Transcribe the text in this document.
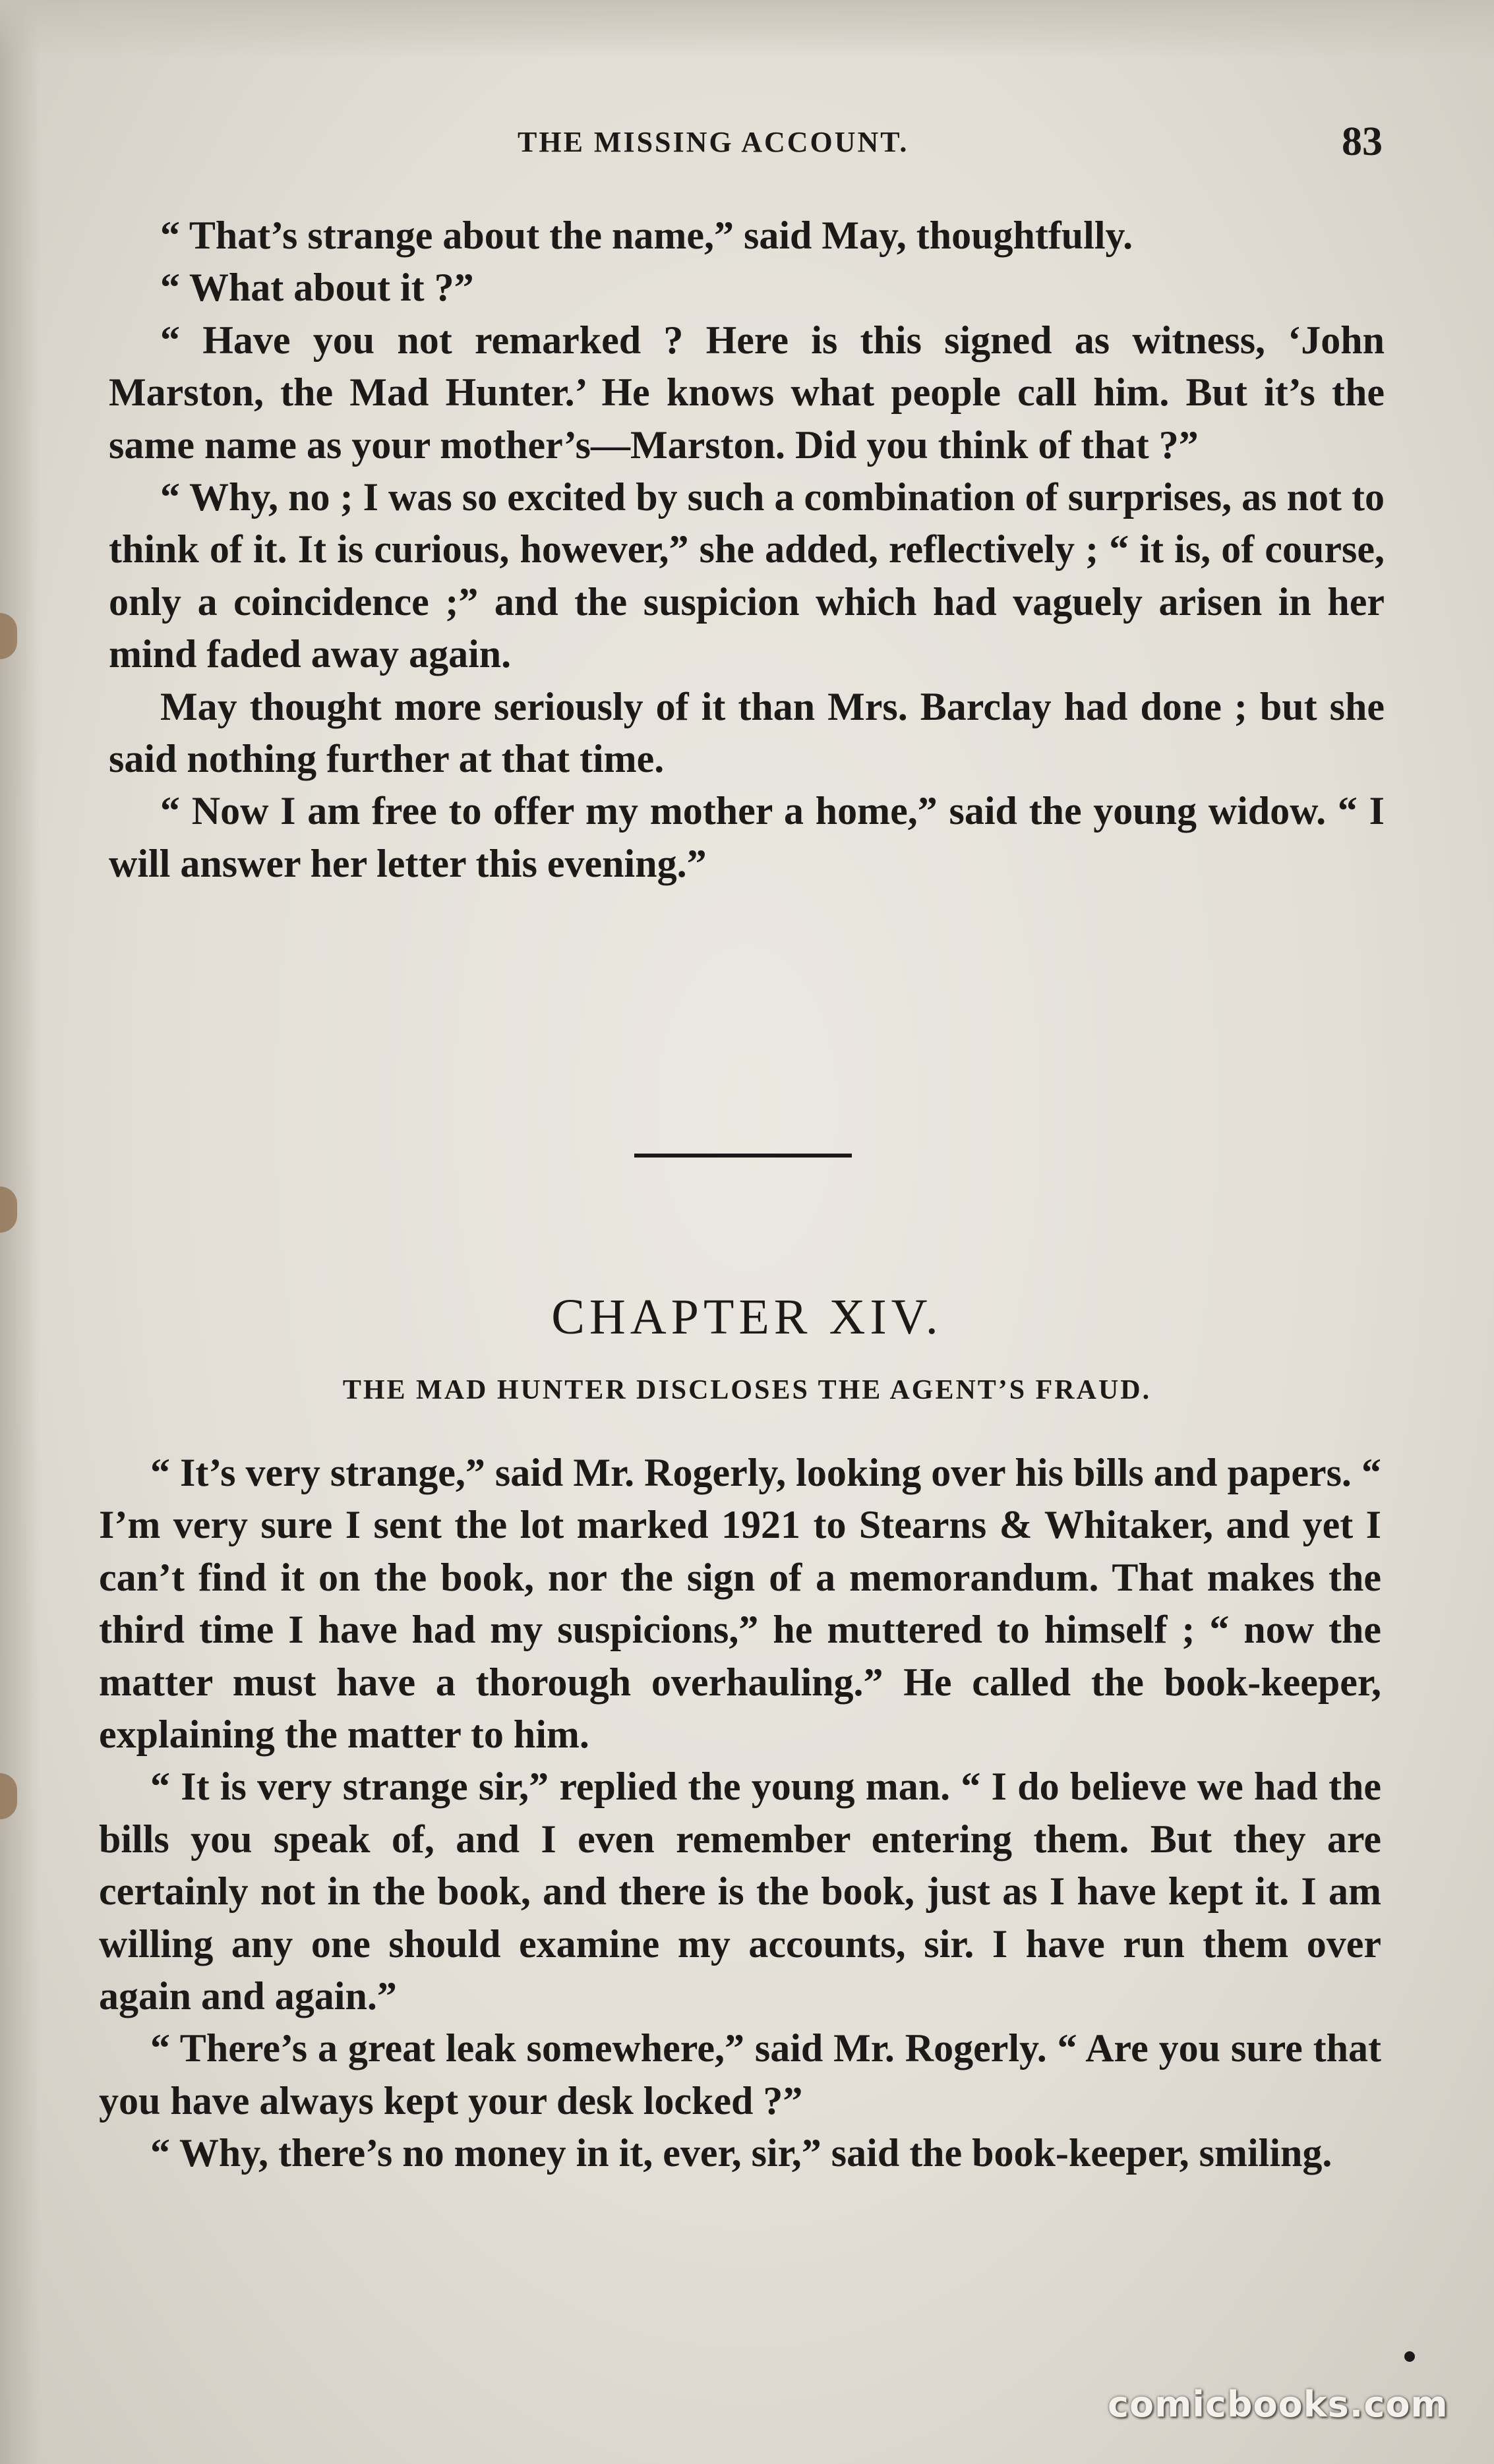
THE MISSING ACCOUNT.	83

“ That’s strange about the name,” said May, thoughtfully.

“ What about it ?”

“ Have you not remarked ? Here is this signed as witness, ‘John Marston, the Mad Hunter.’ He knows what people call him. But it’s the same name as your mother’s—Marston. Did you think of that ?”

“ Why, no ; I was so excited by such a combination of surprises, as not to think of it. It is curious, however,” she added, reflectively ; “ it is, of course, only a coincidence ;” and the suspicion which had vaguely arisen in her mind faded away again.

May thought more seriously of it than Mrs. Barclay had done ; but she said nothing further at that time.

“ Now I am free to offer my mother a home,” said the young widow. “ I will answer her letter this evening.”

CHAPTER XIV.
THE MAD HUNTER DISCLOSES THE AGENT’S FRAUD.

“ It’s very strange,” said Mr. Rogerly, looking over his bills and papers. “ I’m very sure I sent the lot marked 1921 to Stearns & Whitaker, and yet I can’t find it on the book, nor the sign of a memorandum. That makes the third time I have had my suspicions,” he muttered to himself ; “ now the matter must have a thorough overhauling.” He called the book-keeper, explaining the matter to him.

“ It is very strange sir,” replied the young man. “ I do believe we had the bills you speak of, and I even remember entering them. But they are certainly not in the book, and there is the book, just as I have kept it. I am willing any one should examine my accounts, sir. I have run them over again and again.”

“ There’s a great leak somewhere,” said Mr. Rogerly. “ Are you sure that you have always kept your desk locked ?”

“ Why, there’s no money in it, ever, sir,” said the book-keeper, smiling.

comicbooks.com
